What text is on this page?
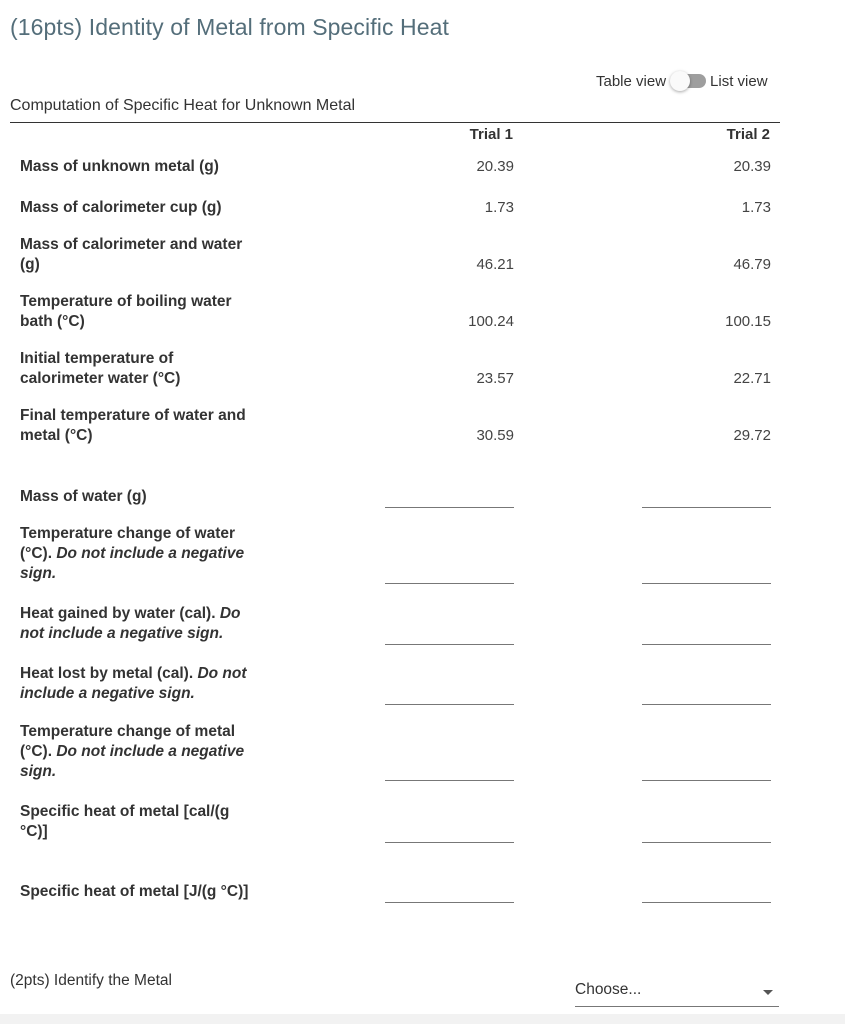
(16pts) Identity of Metal from Specific Heat
Table view	List view
Computation of Specific Heat for Unknown Metal
Trial 1	Trial 2
Mass of unknown metal (g)	20.39	20.39
Mass of calorimeter cup (g)	1.73	1.73
Mass of calorimeter and water (g)	46.21	46.79
Temperature of boiling water bath (°C)	100.24	100.15
Initial temperature of calorimeter water (°C)	23.57	22.71
Final temperature of water and metal (°C)	30.59	29.72
Mass of water (g)
Temperature change of water (°C). Do not include a negative sign.
Heat gained by water (cal). Do not include a negative sign.
Heat lost by metal (cal). Do not include a negative sign.
Temperature change of metal (°C). Do not include a negative sign.
Specific heat of metal [cal/(g °C)]
Specific heat of metal [J/(g °C)]
(2pts) Identify the Metal
Choose...
